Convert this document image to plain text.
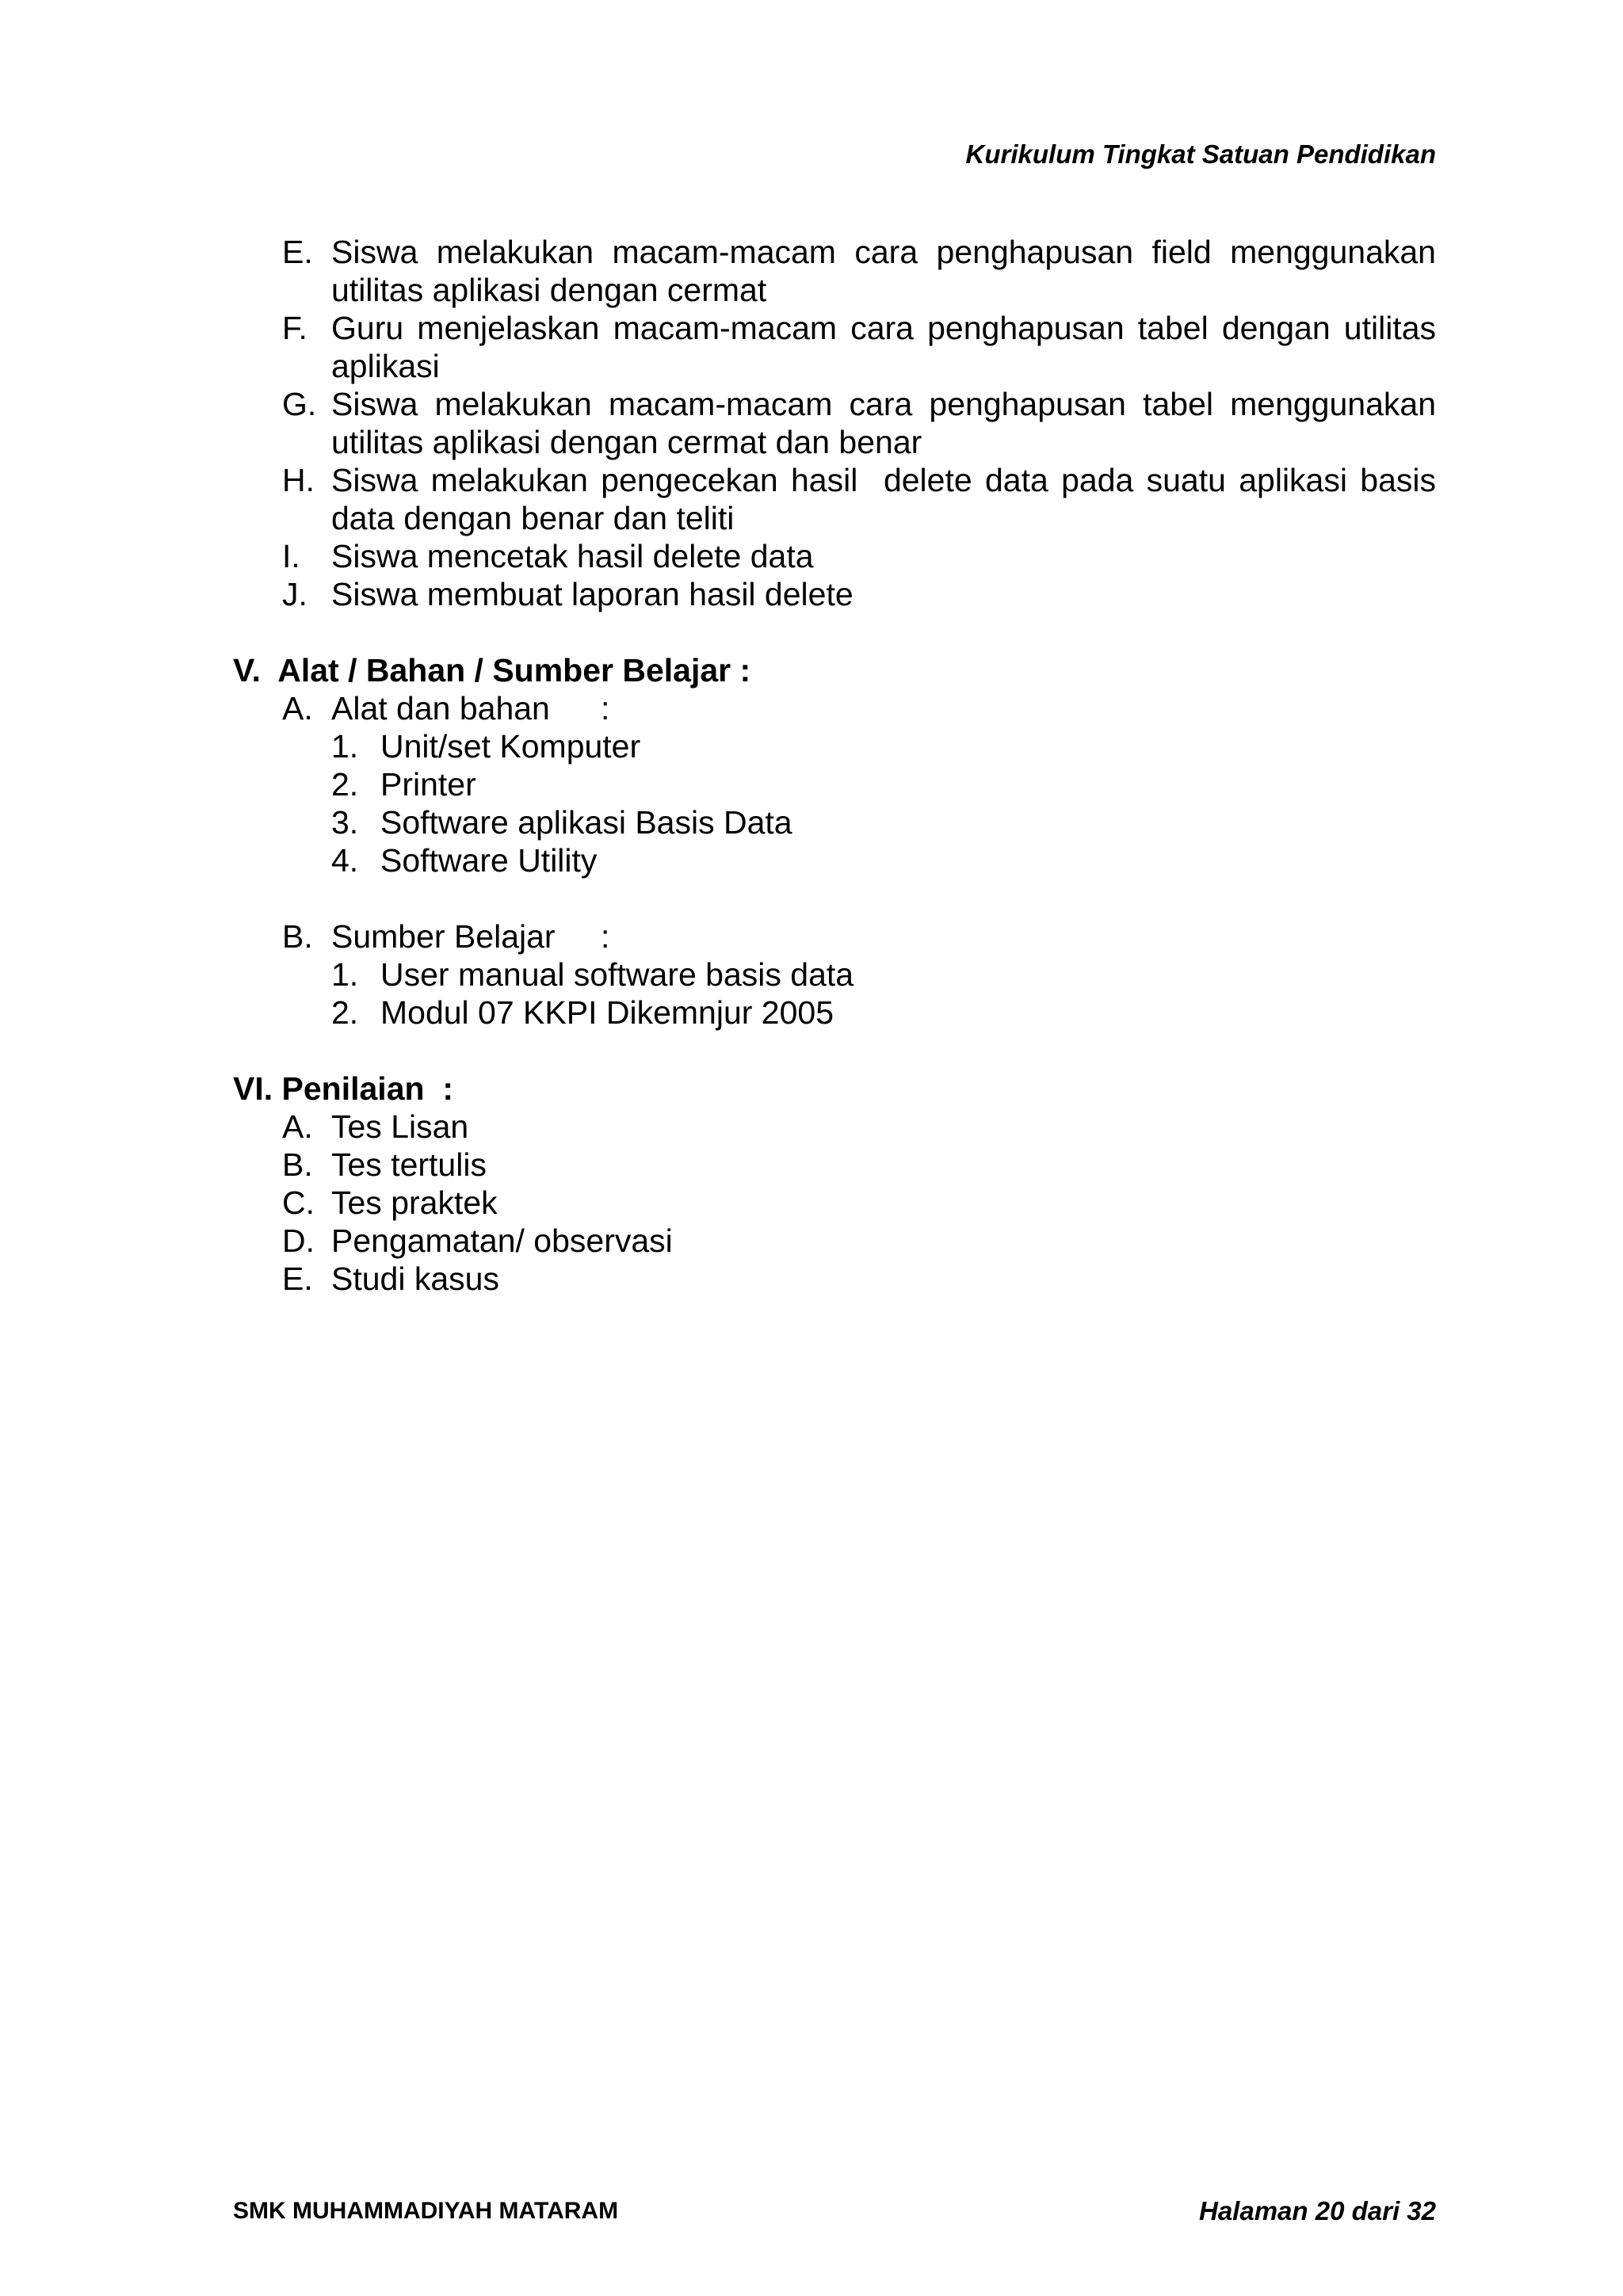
Kurikulum Tingkat Satuan Pendidikan
E. Siswa melakukan macam-macam cara penghapusan field menggunakan
utilitas aplikasi dengan cermat
F. Guru menjelaskan macam-macam cara penghapusan tabel dengan utilitas
aplikasi
G. Siswa melakukan macam-macam cara penghapusan tabel menggunakan
utilitas aplikasi dengan cermat dan benar
H. Siswa melakukan pengecekan hasil  delete data pada suatu aplikasi basis
data dengan benar dan teliti
I. Siswa mencetak hasil delete data
J. Siswa membuat laporan hasil delete
V.  Alat / Bahan / Sumber Belajar :
A. Alat dan bahan :
1. Unit/set Komputer
2. Printer
3. Software aplikasi Basis Data
4. Software Utility
B. Sumber Belajar :
1. User manual software basis data
2. Modul 07 KKPI Dikemnjur 2005
VI. Penilaian  :
A. Tes Lisan
B. Tes tertulis
C. Tes praktek
D. Pengamatan/ observasi
E. Studi kasus
SMK MUHAMMADIYAH MATARAM	Halaman 20 dari 32
